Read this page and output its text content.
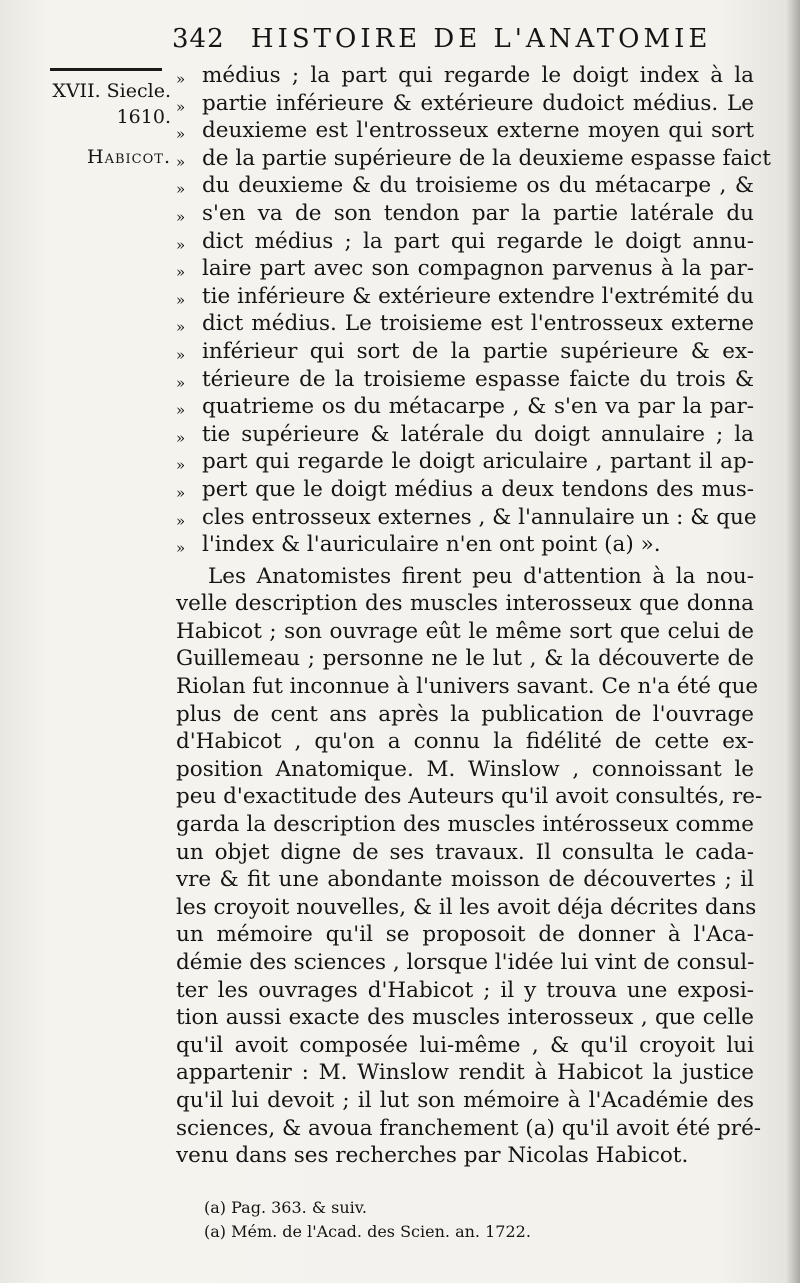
342 HISTOIRE DE L'ANATOMIE
XVII. Siecle.
1610.
Habicot.
» médius ; la part qui regarde le doigt index à la
» partie inférieure & extérieure dudoict médius. Le
» deuxieme est l'entrosseux externe moyen qui sort
» de la partie supérieure de la deuxieme espasse faict
» du deuxieme & du troisieme os du métacarpe , &
» s'en va de son tendon par la partie latérale du
» dict médius ; la part qui regarde le doigt annu-
» laire part avec son compagnon parvenus à la par-
» tie inférieure & extérieure extendre l'extrémité du
» dict médius. Le troisieme est l'entrosseux externe
» inférieur qui sort de la partie supérieure & ex-
» térieure de la troisieme espasse faicte du trois &
» quatrieme os du métacarpe , & s'en va par la par-
» tie supérieure & latérale du doigt annulaire ; la
» part qui regarde le doigt ariculaire , partant il ap-
» pert que le doigt médius a deux tendons des mus-
» cles entrosseux externes , & l'annulaire un : & que
» l'index & l'auriculaire n'en ont point (a) ».
Les Anatomistes firent peu d'attention à la nou-
velle description des muscles interosseux que donna
Habicot ; son ouvrage eût le même sort que celui de
Guillemeau ; personne ne le lut , & la découverte de
Riolan fut inconnue à l'univers savant. Ce n'a été que
plus de cent ans après la publication de l'ouvrage
d'Habicot , qu'on a connu la fidélité de cette ex-
position Anatomique. M. Winslow , connoissant le
peu d'exactitude des Auteurs qu'il avoit consultés, re-
garda la description des muscles intérosseux comme
un objet digne de ses travaux. Il consulta le cada-
vre & fit une abondante moisson de découvertes ; il
les croyoit nouvelles, & il les avoit déja décrites dans
un mémoire qu'il se proposoit de donner à l'Aca-
démie des sciences , lorsque l'idée lui vint de consul-
ter les ouvrages d'Habicot ; il y trouva une exposi-
tion aussi exacte des muscles interosseux , que celle
qu'il avoit composée lui-même , & qu'il croyoit lui
appartenir : M. Winslow rendit à Habicot la justice
qu'il lui devoit ; il lut son mémoire à l'Académie des
sciences, & avoua franchement (a) qu'il avoit été pré-
venu dans ses recherches par Nicolas Habicot.
(a) Pag. 363. & suiv.
(a) Mém. de l'Acad. des Scien. an. 1722.
